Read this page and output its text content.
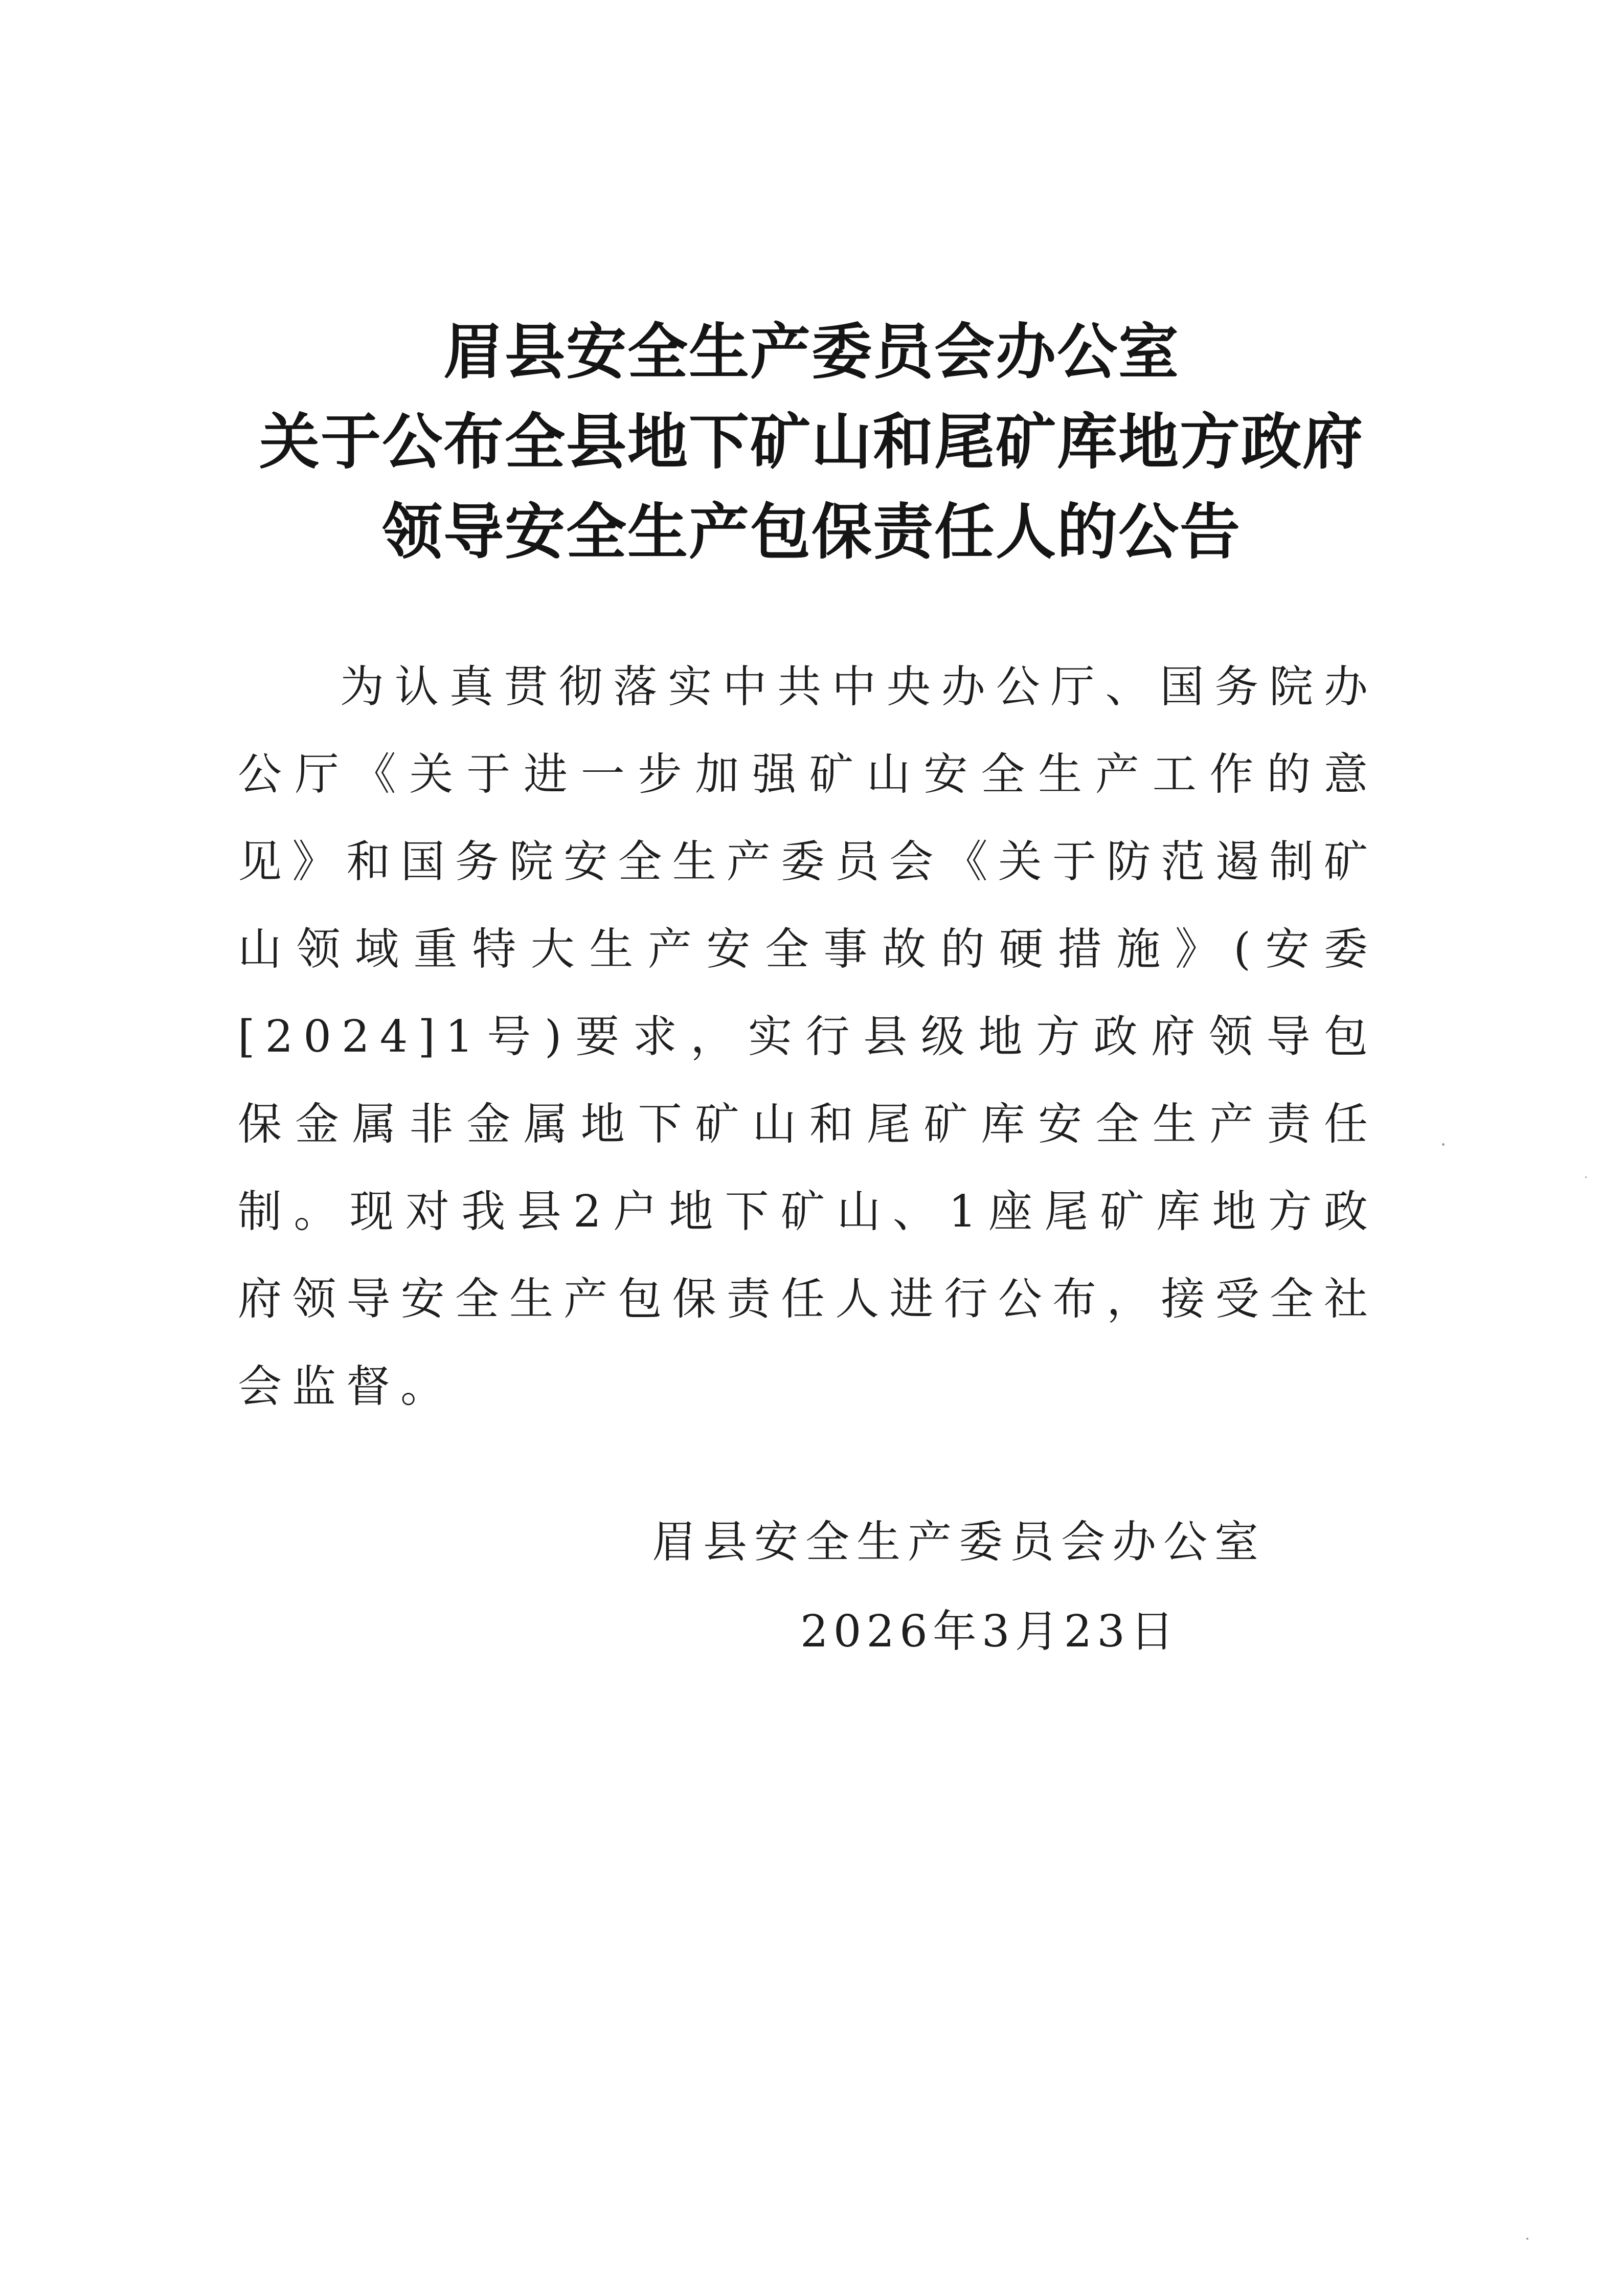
眉县安全生产委员会办公室
关于公布全县地下矿山和尾矿库地方政府
领导安全生产包保责任人的公告

为认真贯彻落实中共中央办公厅、国务院办公厅《关于进一步加强矿山安全生产工作的意见》和国务院安全生产委员会《关于防范遏制矿山领域重特大生产安全事故的硬措施》(安委[2024]1号)要求，实行县级地方政府领导包保金属非金属地下矿山和尾矿库安全生产责任制。现对我县2户地下矿山、1座尾矿库地方政府领导安全生产包保责任人进行公布，接受全社会监督。

眉县安全生产委员会办公室

2026年3月23日
